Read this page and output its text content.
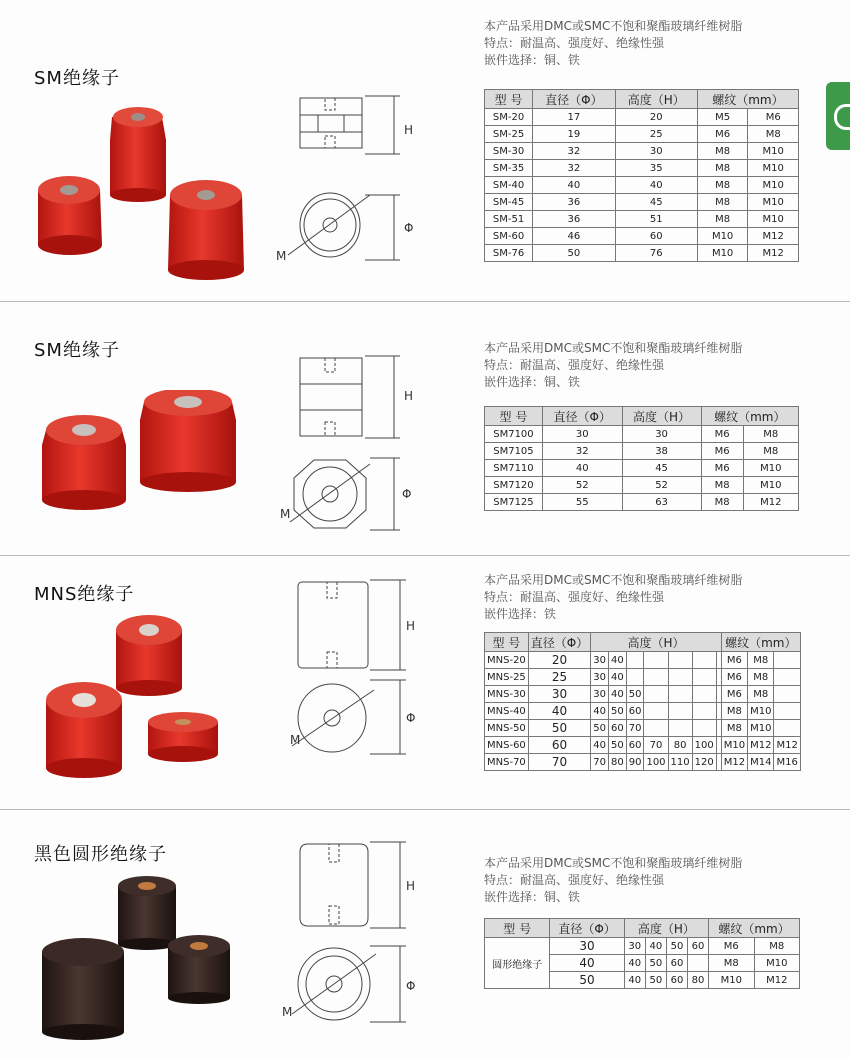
SM绝缘子
本产品采用DMC或SMC不饱和聚酯玻璃纤维树脂
特点：耐温高、强度好、绝缘性强
嵌件选择：铜、铁
H
Φ
M
型 号	直径（Φ）	高度（H）	螺纹（mm）	
SM-20	17	20	M5	M6
SM-25	19	25	M6	M8
SM-30	32	30	M8	M10
SM-35	32	35	M8	M10
SM-40	40	40	M8	M10
SM-45	36	45	M8	M10
SM-51	36	51	M8	M10
SM-60	46	60	M10	M12
SM-76	50	76	M10	M12
SM绝缘子	本产品采用DMC或SMC不饱和聚酯玻璃纤维树脂
特点：耐温高、强度好、绝缘性强
嵌件选择：铜、铁
H
Φ
M
型 号	直径（Φ）	高度（H）	螺纹（mm）	
SM7100	30	30	M6	M8
SM7105	32	38	M6	M8
SM7110	40	45	M6	M10
SM7120	52	52	M8	M10
SM7125	55	63	M8	M12
MNS绝缘子
本产品采用DMC或SMC不饱和聚酯玻璃纤维树脂
特点：耐温高、强度好、绝缘性强
嵌件选择：铁
H
Φ
M
型 号	直径（Φ）	高度（H）							螺纹（mm）		
MNS-20	20	30	40						M6	M8	
MNS-25	25	30	40						M6	M8	
MNS-30	30	30	40	50					M6	M8	
MNS-40	40	40	50	60					M8	M10	
MNS-50	50	50	60	70					M8	M10	
MNS-60	60	40	50	60	70	80	100		M10	M12	M12
MNS-70	70	70	80	90	100	110	120		M12	M14	M16
黑色圆形绝缘子	本产品采用DMC或SMC不饱和聚酯玻璃纤维树脂
特点：耐温高、强度好、绝缘性强
嵌件选择：铜、铁
H
Φ
M
型 号	直径（Φ）	高度（H）				螺纹（mm）	
圆形绝缘子	30	30	40	50	60	M6	M8
	40	40	50	60		M8	M10
	50	40	50	60	80	M10	M12
